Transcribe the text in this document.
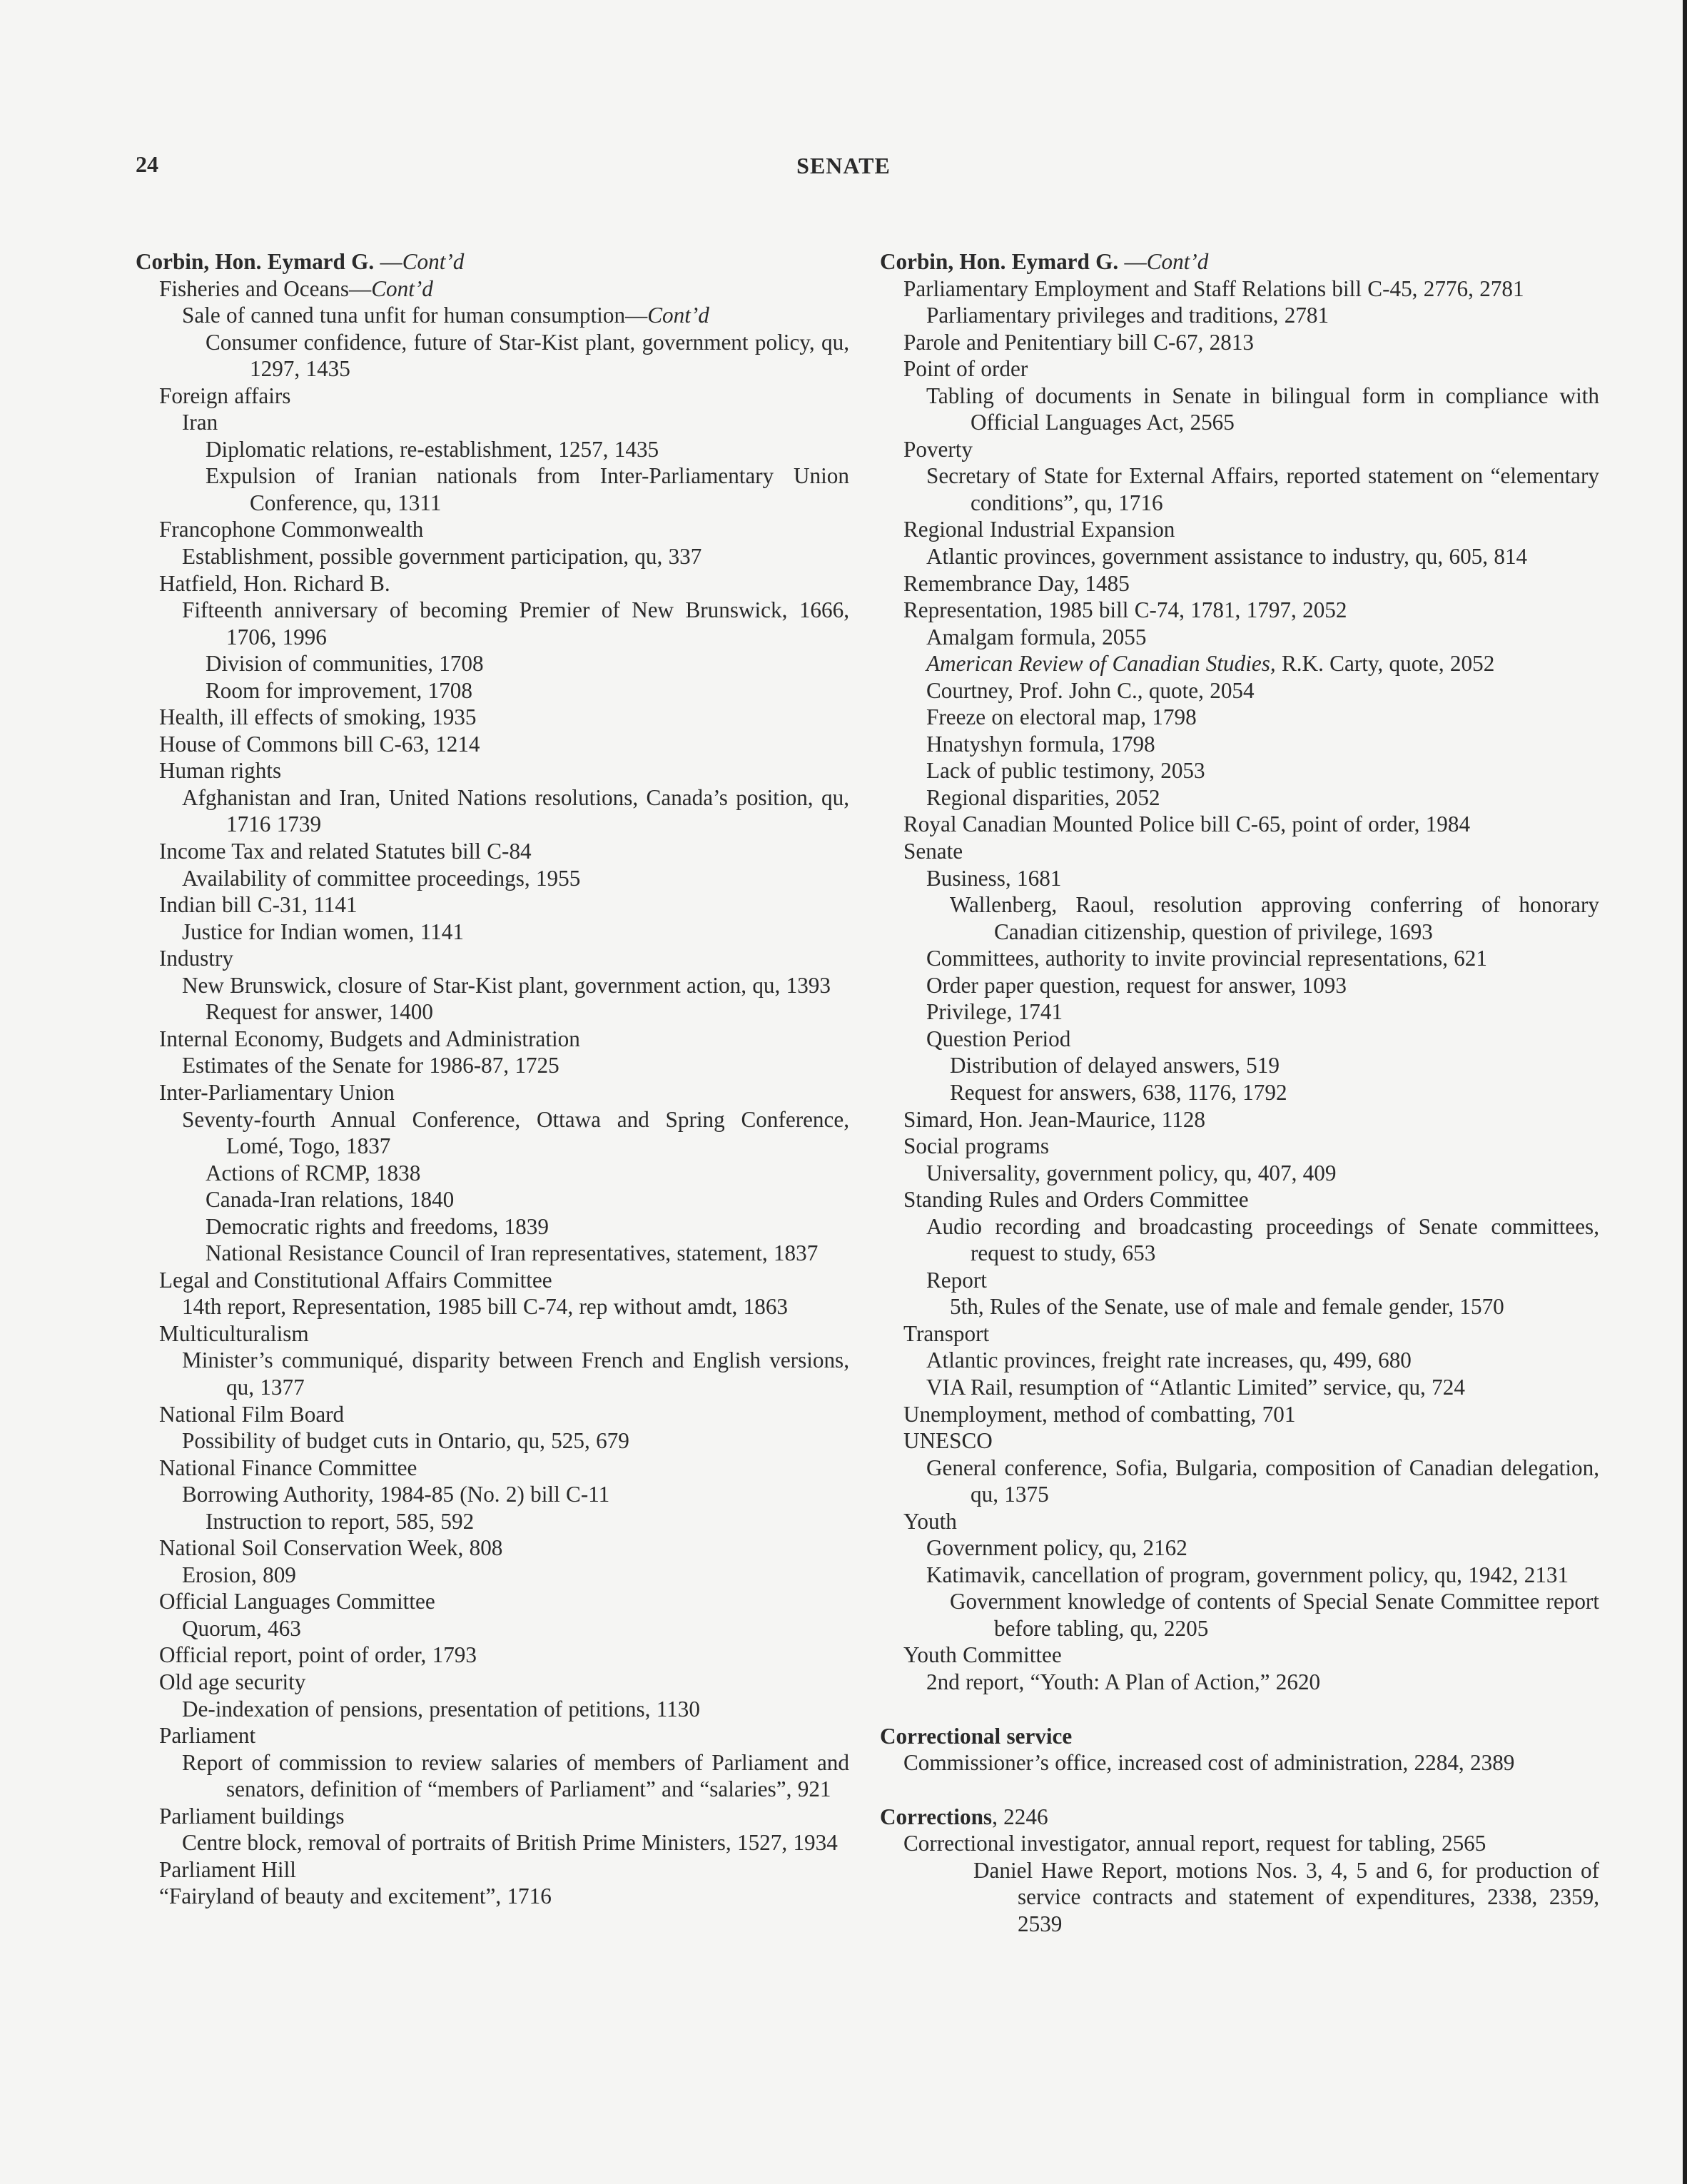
24	SENATE
Corbin, Hon. Eymard G. —Cont’d
Fisheries and Oceans—Cont’d
Sale of canned tuna unfit for human consumption—Cont’d
Consumer confidence, future of Star-Kist plant, government policy, qu, 1297, 1435
Foreign affairs
Iran
Diplomatic relations, re-establishment, 1257, 1435
Expulsion of Iranian nationals from Inter-Parliamentary Union Conference, qu, 1311
Francophone Commonwealth
Establishment, possible government participation, qu, 337
Hatfield, Hon. Richard B.
Fifteenth anniversary of becoming Premier of New Brunswick, 1666, 1706, 1996
Division of communities, 1708
Room for improvement, 1708
Health, ill effects of smoking, 1935
House of Commons bill C-63, 1214
Human rights
Afghanistan and Iran, United Nations resolutions, Canada’s position, qu, 1716 1739
Income Tax and related Statutes bill C-84
Availability of committee proceedings, 1955
Indian bill C-31, 1141
Justice for Indian women, 1141
Industry
New Brunswick, closure of Star-Kist plant, government action, qu, 1393
Request for answer, 1400
Internal Economy, Budgets and Administration
Estimates of the Senate for 1986-87, 1725
Inter-Parliamentary Union
Seventy-fourth Annual Conference, Ottawa and Spring Conference, Lomé, Togo, 1837
Actions of RCMP, 1838
Canada-Iran relations, 1840
Democratic rights and freedoms, 1839
National Resistance Council of Iran representatives, statement, 1837
Legal and Constitutional Affairs Committee
14th report, Representation, 1985 bill C-74, rep without amdt, 1863
Multiculturalism
Minister’s communiqué, disparity between French and English versions, qu, 1377
National Film Board
Possibility of budget cuts in Ontario, qu, 525, 679
National Finance Committee
Borrowing Authority, 1984-85 (No. 2) bill C-11
Instruction to report, 585, 592
National Soil Conservation Week, 808
Erosion, 809
Official Languages Committee
Quorum, 463
Official report, point of order, 1793
Old age security
De-indexation of pensions, presentation of petitions, 1130
Parliament
Report of commission to review salaries of members of Parliament and senators, definition of “members of Parliament” and “salaries”, 921
Parliament buildings
Centre block, removal of portraits of British Prime Ministers, 1527, 1934
Parliament Hill
“Fairyland of beauty and excitement”, 1716
Corbin, Hon. Eymard G. —Cont’d
Parliamentary Employment and Staff Relations bill C-45, 2776, 2781
Parliamentary privileges and traditions, 2781
Parole and Penitentiary bill C-67, 2813
Point of order
Tabling of documents in Senate in bilingual form in compliance with Official Languages Act, 2565
Poverty
Secretary of State for External Affairs, reported statement on “elementary conditions”, qu, 1716
Regional Industrial Expansion
Atlantic provinces, government assistance to industry, qu, 605, 814
Remembrance Day, 1485
Representation, 1985 bill C-74, 1781, 1797, 2052
Amalgam formula, 2055
American Review of Canadian Studies, R.K. Carty, quote, 2052
Courtney, Prof. John C., quote, 2054
Freeze on electoral map, 1798
Hnatyshyn formula, 1798
Lack of public testimony, 2053
Regional disparities, 2052
Royal Canadian Mounted Police bill C-65, point of order, 1984
Senate
Business, 1681
Wallenberg, Raoul, resolution approving conferring of honorary Canadian citizenship, question of privilege, 1693
Committees, authority to invite provincial representations, 621
Order paper question, request for answer, 1093
Privilege, 1741
Question Period
Distribution of delayed answers, 519
Request for answers, 638, 1176, 1792
Simard, Hon. Jean-Maurice, 1128
Social programs
Universality, government policy, qu, 407, 409
Standing Rules and Orders Committee
Audio recording and broadcasting proceedings of Senate committees, request to study, 653
Report
5th, Rules of the Senate, use of male and female gender, 1570
Transport
Atlantic provinces, freight rate increases, qu, 499, 680
VIA Rail, resumption of “Atlantic Limited” service, qu, 724
Unemployment, method of combatting, 701
UNESCO
General conference, Sofia, Bulgaria, composition of Canadian delegation, qu, 1375
Youth
Government policy, qu, 2162
Katimavik, cancellation of program, government policy, qu, 1942, 2131
Government knowledge of contents of Special Senate Committee report before tabling, qu, 2205
Youth Committee
2nd report, “Youth: A Plan of Action,” 2620
Correctional service
Commissioner’s office, increased cost of administration, 2284, 2389
Corrections, 2246
Correctional investigator, annual report, request for tabling, 2565
Daniel Hawe Report, motions Nos. 3, 4, 5 and 6, for production of service contracts and statement of expenditures, 2338, 2359, 2539
